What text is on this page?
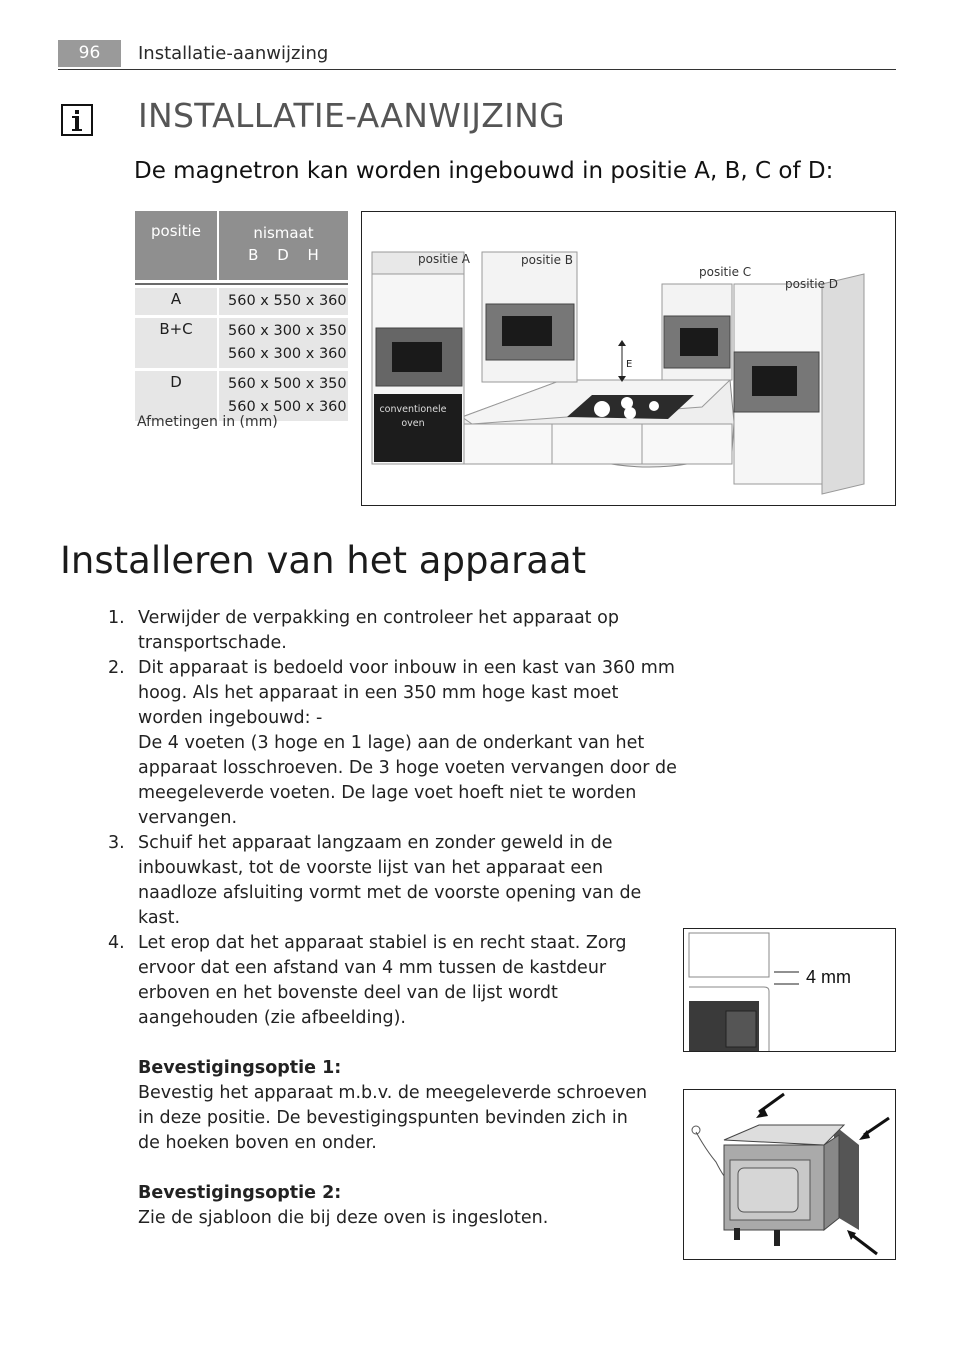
96	Installatie-aanwijzing
INSTALLATIE-AANWIJZING
De magnetron kan worden ingebouwd in positie A, B, C of D:
positie	nismaat
B D H
A	560 x 550 x 360
B+C	560 x 300 x 350
560 x 300 x 360
D	560 x 500 x 350
560 x 500 x 360
Afmetingen in (mm)
positie A	positie B
positie C
positie D
E
conventionele
oven
Installeren van het apparaat
1. Verwijder de verpakking en controleer het apparaat op transportschade.

2. Dit apparaat is bedoeld voor inbouw in een kast van 360 mm hoog. Als het apparaat in een 350 mm hoge kast moet worden ingebouwd: -

De 4 voeten (3 hoge en 1 lage) aan de onderkant van het apparaat losschroeven. De 3 hoge voeten vervangen door de meegeleverde voeten. De lage voet hoeft niet te worden vervangen.

3. Schuif het apparaat langzaam en zonder geweld in de inbouwkast, tot de voorste lijst van het apparaat een naadloze afsluiting vormt met de voorste opening van de kast.

4. Let erop dat het apparaat stabiel is en recht staat. Zorg ervoor dat een afstand van 4 mm tussen de kastdeur erboven en het bovenste deel van de lijst wordt aangehouden (zie afbeelding).

Bevestigingsoptie 1:
Bevestig het apparaat m.b.v. de meegeleverde schroeven in deze positie. De bevestigingspunten bevinden zich in de hoeken boven en onder.
Bevestigingsoptie 2:
Zie de sjabloon die bij deze oven is ingesloten.
4 mm
